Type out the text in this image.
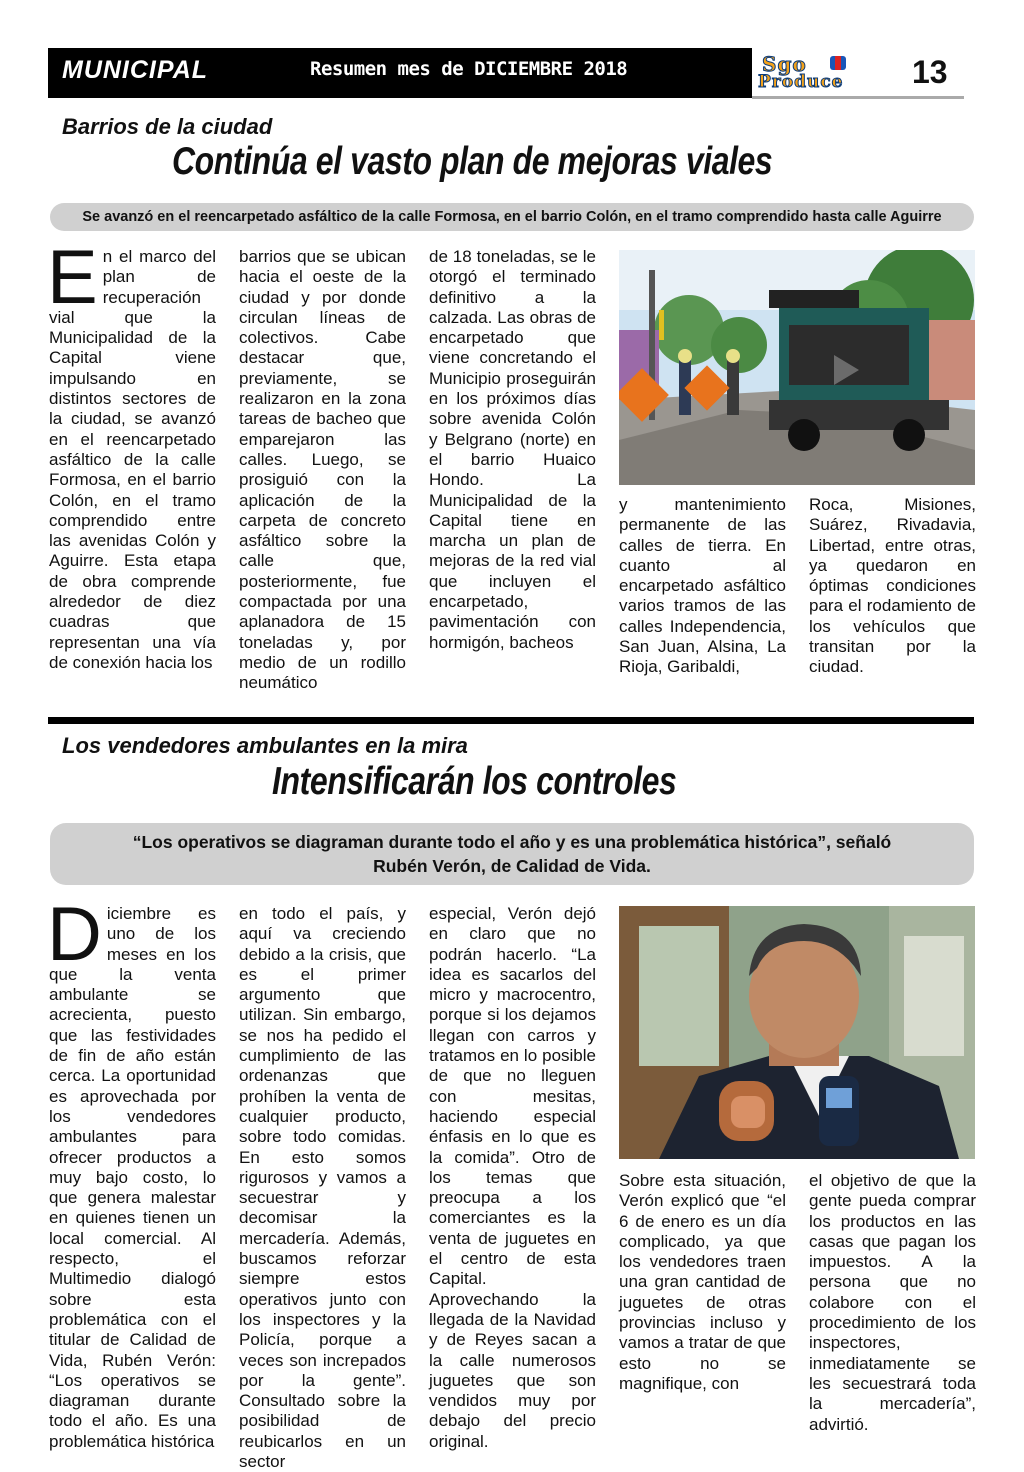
MUNICIPAL	Resumen mes de DICIEMBRE 2018	Sgo
Produce 13
Barrios de la ciudad
Continúa el vasto plan de mejoras viales
Se avanzó en el reencarpetado asfáltico de la calle Formosa, en el barrio Colón, en el tramo comprendido hasta calle Aguirre
En el marco del plan de recuperación vial que la Municipalidad de la Capital viene impulsando en distintos sectores de la ciudad, se avanzó en el reencarpetado asfáltico de la calle Formosa, en el barrio Colón, en el tramo comprendido entre las avenidas Colón y Aguirre. Esta etapa de obra comprende alrededor de diez cuadras que representan una vía de conexión hacia los
barrios que se ubican hacia el oeste de la ciudad y por donde circulan líneas de colectivos. Cabe destacar que, previamente, se realizaron en la zona tareas de bacheo que emparejaron las calles. Luego, se prosiguió con la aplicación de la carpeta de concreto asfáltico sobre la calle que, posteriormente, fue compactada por una aplanadora de 15 toneladas y, por medio de un rodillo neumático
de 18 toneladas, se le otorgó el terminado definitivo a la calzada. Las obras de encarpetado que viene concretando el Municipio proseguirán en los próximos días sobre avenida Colón y Belgrano (norte) en el barrio Huaico Hondo. La Municipalidad de la Capital tiene en marcha un plan de mejoras de la red vial que incluyen el encarpetado, pavimentación con hormigón, bacheos
y mantenimiento permanente de las calles de tierra. En cuanto al encarpetado asfáltico varios tramos de las calles Independencia, San Juan, Alsina, La Rioja, Garibaldi,
Roca, Misiones, Suárez, Rivadavia, Libertad, entre otras, ya quedaron en óptimas condiciones para el rodamiento de los vehículos que transitan por la ciudad.
Los vendedores ambulantes en la mira
Intensificarán los controles
“Los operativos se diagraman durante todo el año y es una problemática histórica”, señaló
Rubén Verón, de Calidad de Vida.
Diciembre es uno de los meses en los que la venta ambulante se acrecienta, puesto que las festividades de fin de año están cerca. La oportunidad es aprovechada por los vendedores ambulantes para ofrecer productos a muy bajo costo, lo que genera malestar en quienes tienen un local comercial. Al respecto, el Multimedio dialogó sobre esta problemática con el titular de Calidad de Vida, Rubén Verón: “Los operativos se diagraman durante todo el año. Es una problemática histórica
en todo el país, y aquí va creciendo debido a la crisis, que es el primer argumento que utilizan. Sin embargo, se nos ha pedido el cumplimiento de las ordenanzas que prohíben la venta de cualquier producto, sobre todo comidas. En esto somos rigurosos y vamos a secuestrar y decomisar la mercadería. Además, buscamos reforzar siempre estos operativos junto con los inspectores y la Policía, porque a veces son increpados por la gente”. Consultado sobre la posibilidad de reubicarlos en un sector
especial, Verón dejó en claro que no podrán hacerlo. “La idea es sacarlos del micro y macrocentro, porque si los dejamos llegan con carros y tratamos en lo posible de que no lleguen con mesitas, haciendo especial énfasis en lo que es la comida”. Otro de los temas que preocupa a los comerciantes es la venta de juguetes en el centro de esta Capital. Aprovechando la llegada de la Navidad y de Reyes sacan a la calle numerosos juguetes que son vendidos muy por debajo del precio original.
Sobre esta situación, Verón explicó que “el 6 de enero es un día complicado, ya que los vendedores traen una gran cantidad de juguetes de otras provincias incluso y vamos a tratar de que esto no se magnifique, con
el objetivo de que la gente pueda comprar los productos en las casas que pagan los impuestos. A la persona que no colabore con el procedimiento de los inspectores, inmediatamente se les secuestrará toda la mercadería”, advirtió.
